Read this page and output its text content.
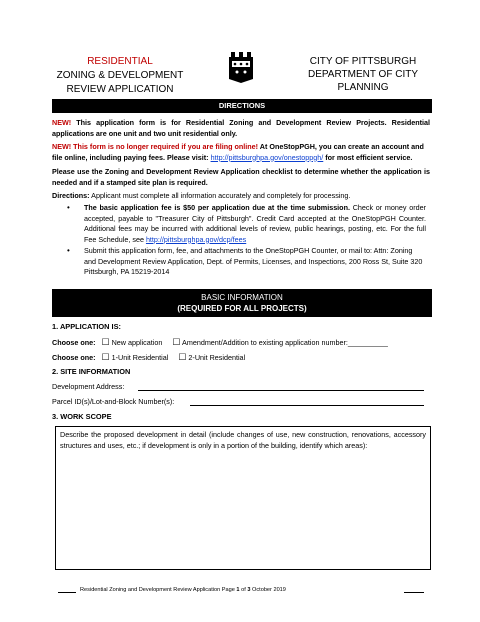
RESIDENTIAL
ZONING & DEVELOPMENT
REVIEW APPLICATION
CITY OF PITTSBURGH
DEPARTMENT OF CITY
PLANNING
DIRECTIONS
NEW! This application form is for Residential Zoning and Development Review Projects. Residential applications are one unit and two unit residential only.
NEW! This form is no longer required if you are filing online! At OneStopPGH, you can create an account and file online, including paying fees. Please visit: http://pittsburghpa.gov/onestoppgh/ for most efficient service.
Please use the Zoning and Development Review Application checklist to determine whether the application is needed and if a stamped site plan is required.
Directions: Applicant must complete all information accurately and completely for processing.
• The basic application fee is $50 per application due at the time submission. Check or money order accepted, payable to "Treasurer City of Pittsburgh". Credit Card accepted at the OneStopPGH Counter. Additional fees may be incurred with additional levels of review, public hearings, posting, etc. For the full Fee Schedule, see http://pittsburghpa.gov/dcp/fees
• Submit this application form, fee, and attachments to the OneStopPGH Counter, or mail to: Attn: Zoning and Development Review Application, Dept. of Permits, Licenses, and Inspections, 200 Ross St, Suite 320 Pittsburgh, PA 15219-2014
BASIC INFORMATION
(REQUIRED FOR ALL PROJECTS)
1. APPLICATION IS:
Choose one: ☐ New application ☐ Amendment/Addition to existing application number:__________
Choose one: ☐ 1-Unit Residential ☐ 2-Unit Residential
2. SITE INFORMATION
Development Address:
Parcel ID(s)/Lot-and-Block Number(s):
3. WORK SCOPE
Describe the proposed development in detail (include changes of use, new construction, renovations, accessory structures and uses, etc.; if development is only in a portion of the building, identify which areas):
Residential Zoning and Development Review Application Page 1 of 3 October 2019
